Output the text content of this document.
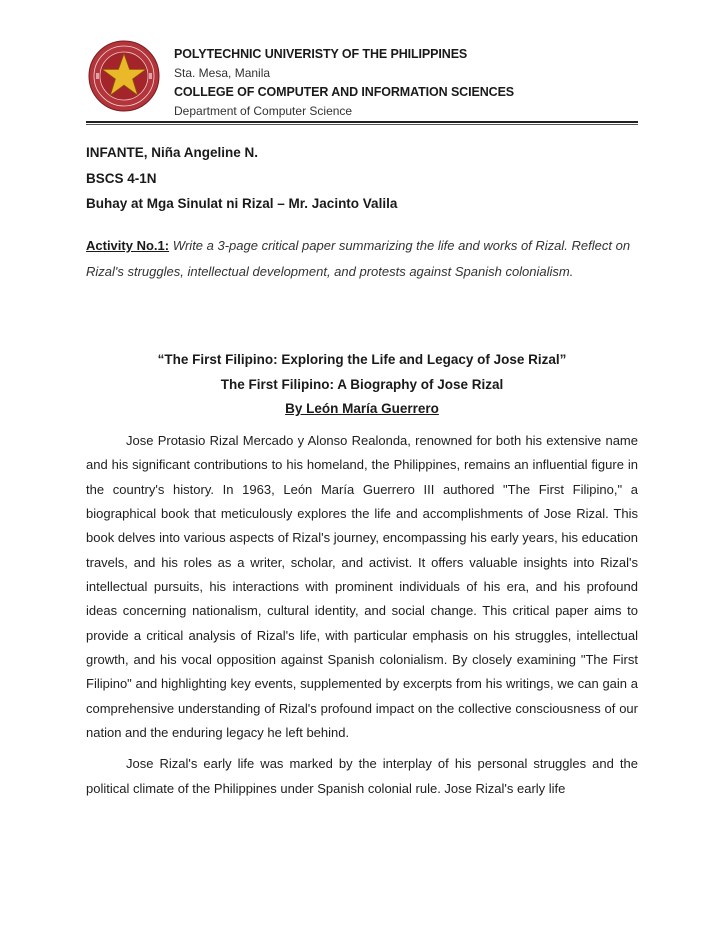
POLYTECHNIC UNIVERISTY OF THE PHILIPPINES
Sta. Mesa, Manila
COLLEGE OF COMPUTER AND INFORMATION SCIENCES
Department of Computer Science
INFANTE, Niña Angeline N.
BSCS 4-1N
Buhay at Mga Sinulat ni Rizal – Mr. Jacinto Valila
Activity No.1: Write a 3-page critical paper summarizing the life and works of Rizal. Reflect on Rizal's struggles, intellectual development, and protests against Spanish colonialism.
“The First Filipino: Exploring the Life and Legacy of Jose Rizal”
The First Filipino: A Biography of Jose Rizal
By León María Guerrero

Jose Protasio Rizal Mercado y Alonso Realonda, renowned for both his extensive name and his significant contributions to his homeland, the Philippines, remains an influential figure in the country's history. In 1963, León María Guerrero III authored "The First Filipino," a biographical book that meticulously explores the life and accomplishments of Jose Rizal. This book delves into various aspects of Rizal's journey, encompassing his early years, his education travels, and his roles as a writer, scholar, and activist. It offers valuable insights into Rizal's intellectual pursuits, his interactions with prominent individuals of his era, and his profound ideas concerning nationalism, cultural identity, and social change. This critical paper aims to provide a critical analysis of Rizal's life, with particular emphasis on his struggles, intellectual growth, and his vocal opposition against Spanish colonialism. By closely examining "The First Filipino" and highlighting key events, supplemented by excerpts from his writings, we can gain a comprehensive understanding of Rizal's profound impact on the collective consciousness of our nation and the enduring legacy he left behind.

Jose Rizal's early life was marked by the interplay of his personal struggles and the political climate of the Philippines under Spanish colonial rule. Jose Rizal's early life
